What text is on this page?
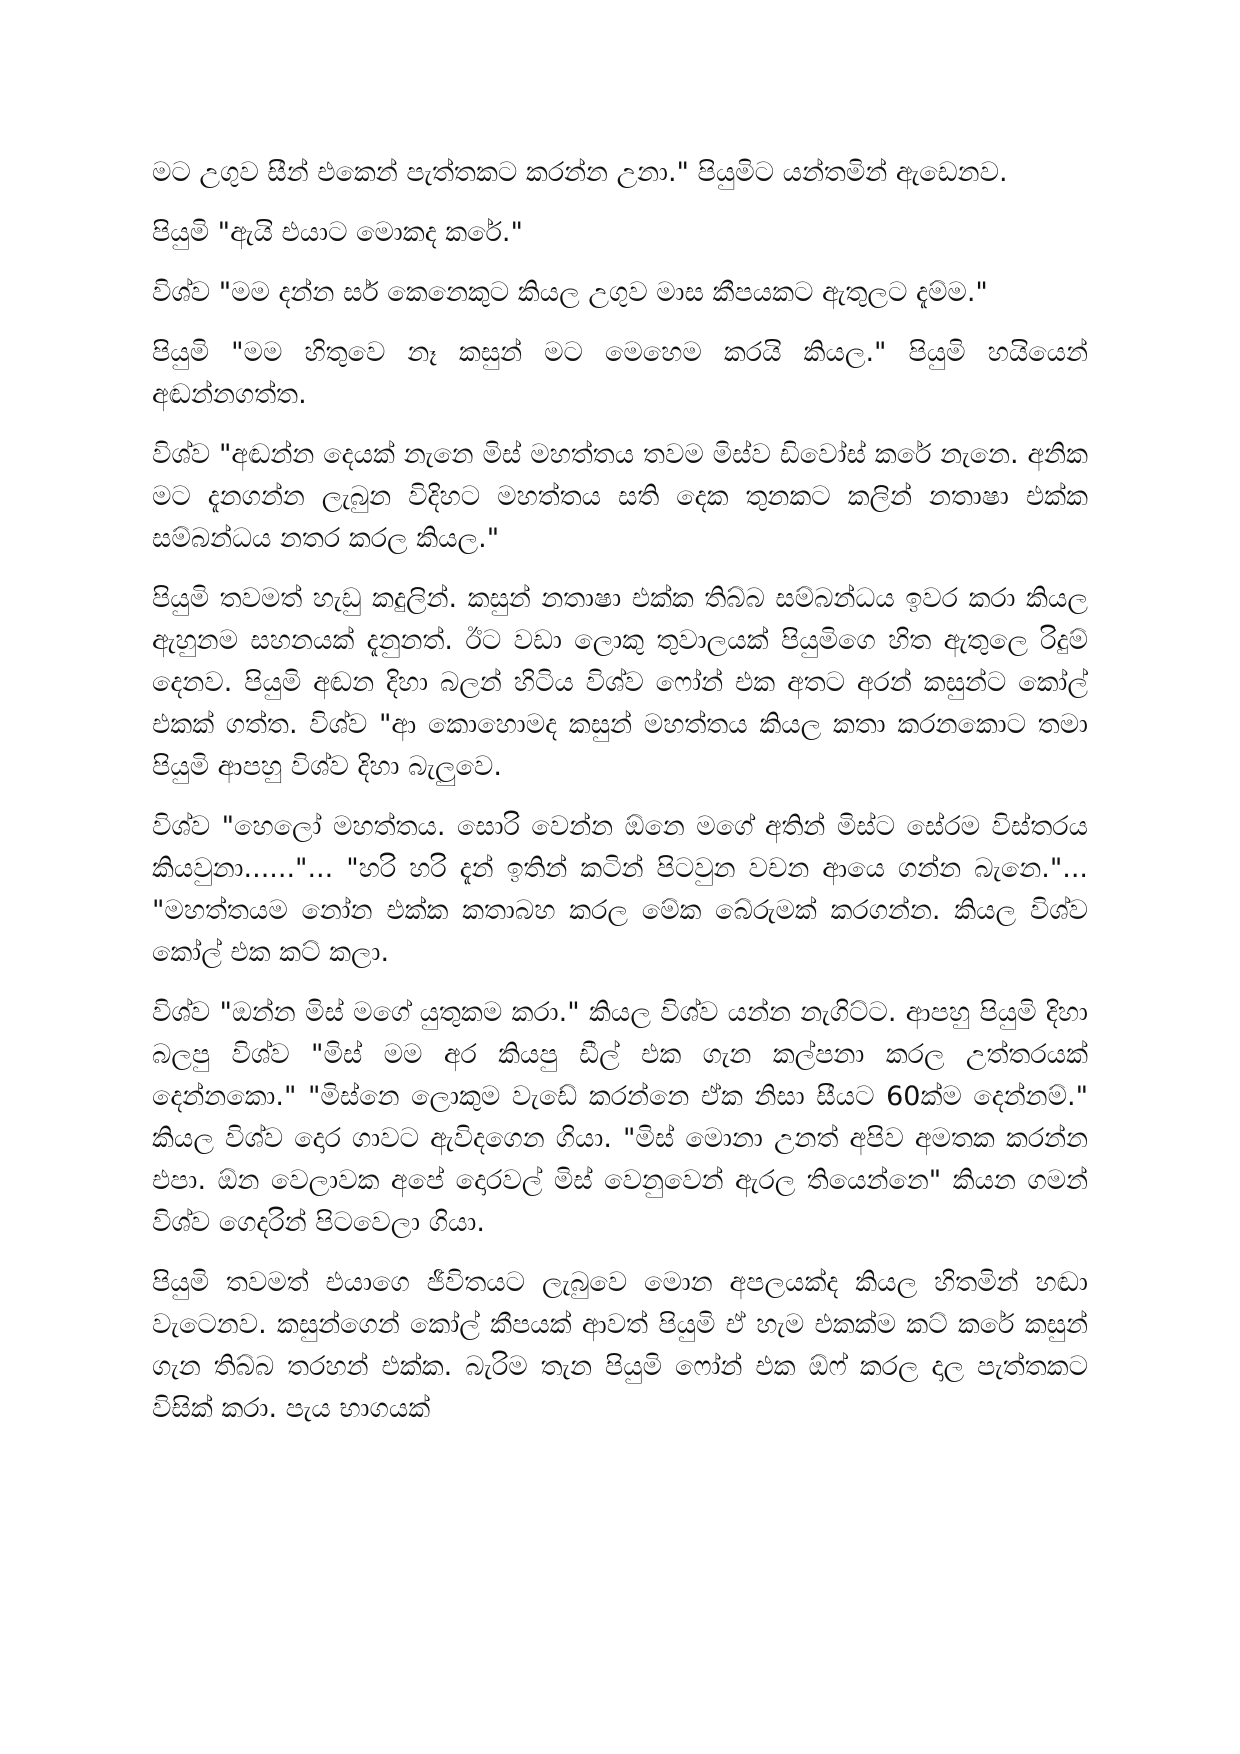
මට උගුව සීන් එකෙන් පැත්තකට කරන්න උනා." පියුමිට යන්තමින් ඇඩෙනව.

පියුමි "ඇයි එයාට මොකද කරේ."

විශ්ව "මම දන්න සර් කෙනෙකුට කියල උගුව මාස කීපයකට ඇතුලට දැම්ම."

පියුමි "මම හිතුවෙ නෑ කසුන් මට මෙහෙම කරයි කියල." පියුමි හයියෙන් අඬන්නගත්ත.

විශ්ව "අඬන්න දෙයක් නැනෙ මිස් මහත්තය තවම මිස්ව ඩිවෝස් කරේ නැනෙ. අනික මට දැනගන්න ලැබුන විදිහට මහත්තය සති දෙක තුනකට කලින් නතාෂා එක්ක සම්බන්ධය නතර කරල කියල."

පියුමි තවමත් හැඩු කදුලින්. කසුන් නතාෂා එක්ක තිබ්බ සම්බන්ධය ඉවර කරා කියල ඇහුනම සහනයක් දැනුනත්. ඊට වඩා ලොකු තුවාලයක් පියුමිගෙ හිත ඇතුලෙ රිදුම් දෙනව. පියුමි අඬන දිහා බලන් හිටිය විශ්ව ෆෝන් එක අතට අරන් කසුන්ට කෝල් එකක් ගත්ත. විශ්ව "ආ කොහොමද කසුන් මහත්තය කියල කතා කරනකොට තමා පියුමි ආපහු විශ්ව දිහා බැලුවෙ.

විශ්ව "හෙලෝ මහත්තය. සොරි වෙන්න ඕනෙ මගේ අතින් මිස්ට සේරම විස්තරය කියවුනා......"... "හරි හරි දැන් ඉතින් කටින් පිටවුන වචන ආයෙ ගන්න බැනෙ."... "මහත්තයම නෝන එක්ක කතාබහ කරල මේක බේරුමක් කරගන්න. කියල විශ්ව කෝල් එක කට් කලා.

විශ්ව "ඔන්න මිස් මගේ යුතුකම කරා." කියල විශ්ව යන්න නැගිට්ට. ආපහු පියුමි දිහා බලපු විශ්ව "මිස් මම අර කියපු ඩීල් එක ගැන කල්පනා කරල උත්තරයක් දෙන්නකො." "මිස්නෙ ලොකුම වැඩේ කරන්නෙ ඒක නිසා සීයට 60ක්ම දෙන්නම්." කියල විශ්ව දොර ගාවට ඇවිදගෙන ගියා. "මිස් මොනා උනත් අපිව අමතක කරන්න එපා. ඕන වෙලාවක අපේ දොරවල් මිස් වෙනුවෙන් ඇරල තියෙන්නෙ" කියන ගමන් විශ්ව ගෙදරින් පිටවෙලා ගියා.

පියුමි තවමත් එයාගෙ ජීවිතයට ලැබුවෙ මොන අපලයක්ද කියල හිතමින් හඬා වැටෙනව. කසුන්ගෙන් කෝල් කීපයක් ආවත් පියුමි ඒ හැම එකක්ම කට් කරේ කසුන් ගැන තිබ්බ තරහන් එක්ක. බැරිම තැන පියුමි ෆෝන් එක ඕෆ් කරල දාල පැත්තකට විසික් කරා. පැය භාගයක්
